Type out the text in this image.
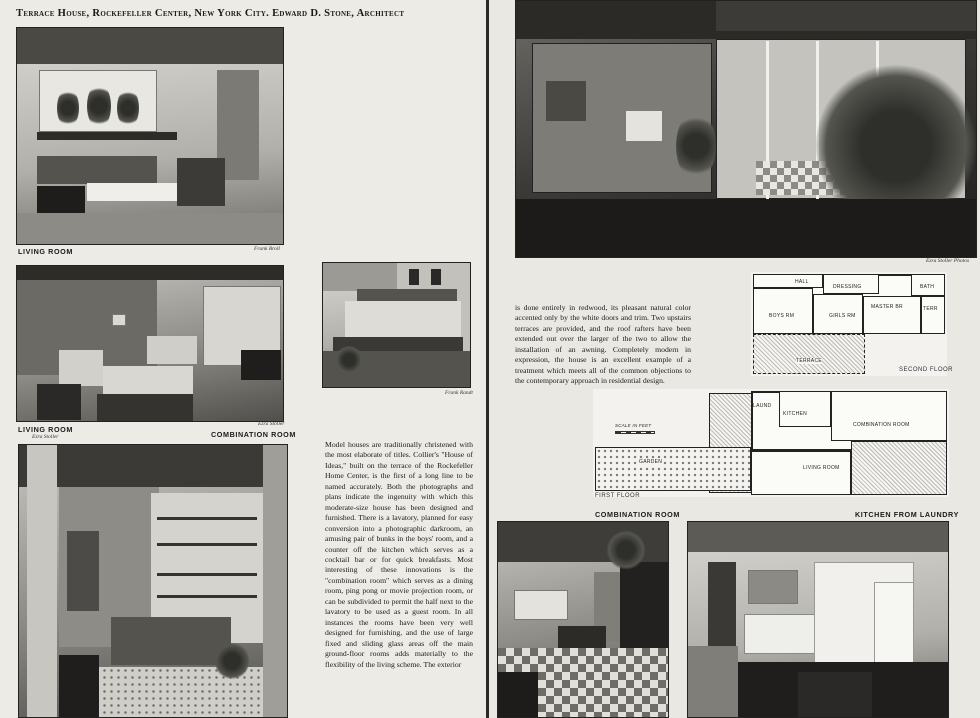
Terrace House, Rockefeller Center, New York City. Edward D. Stone, Architect
LIVING ROOM	Frank Broll
LIVING ROOM
Ezra Stoller
Ezra Stoller
COMBINATION ROOM
Frank Randt
Model houses are traditionally christened with the most elaborate of titles. Collier's "House of Ideas," built on the terrace of the Rockefeller Home Center, is the first of a long line to be named accurately. Both the photographs and plans indicate the ingenuity with which this moderate-size house has been designed and furnished. There is a lavatory, planned for easy conversion into a photographic darkroom, an amusing pair of bunks in the boys' room, and a counter off the kitchen which serves as a cocktail bar or for quick breakfasts. Most interesting of these innovations is the "combination room" which serves as a dining room, ping pong or movie projection room, or can be subdivided to permit the half next to the lavatory to be used as a guest room. In all instances the rooms have been very well designed for furnishing, and the use of large fixed and sliding glass areas off the main ground-floor rooms adds materially to the flexibility of the living scheme. The exterior
Ezra Stoller Photos
is done entirely in redwood, its pleasant natural color accented only by the white doors and trim. Two upstairs terraces are provided, and the roof rafters have been extended out over the larger of the two to allow the installation of an awning. Completely modern in expression, the house is an excellent example of a treatment which meets all of the common objections to the contemporary approach in residential design.
HALL
DRESSING	BATH
BOYS RM	GIRLS RM
MASTER BR	TERR
TERRACE
SECOND FLOOR
LAUND
KITCHEN
COMBINATION ROOM
GARDEN
LIVING ROOM
SCALE IN FEET
FIRST FLOOR
COMBINATION ROOM	KITCHEN FROM LAUNDRY
